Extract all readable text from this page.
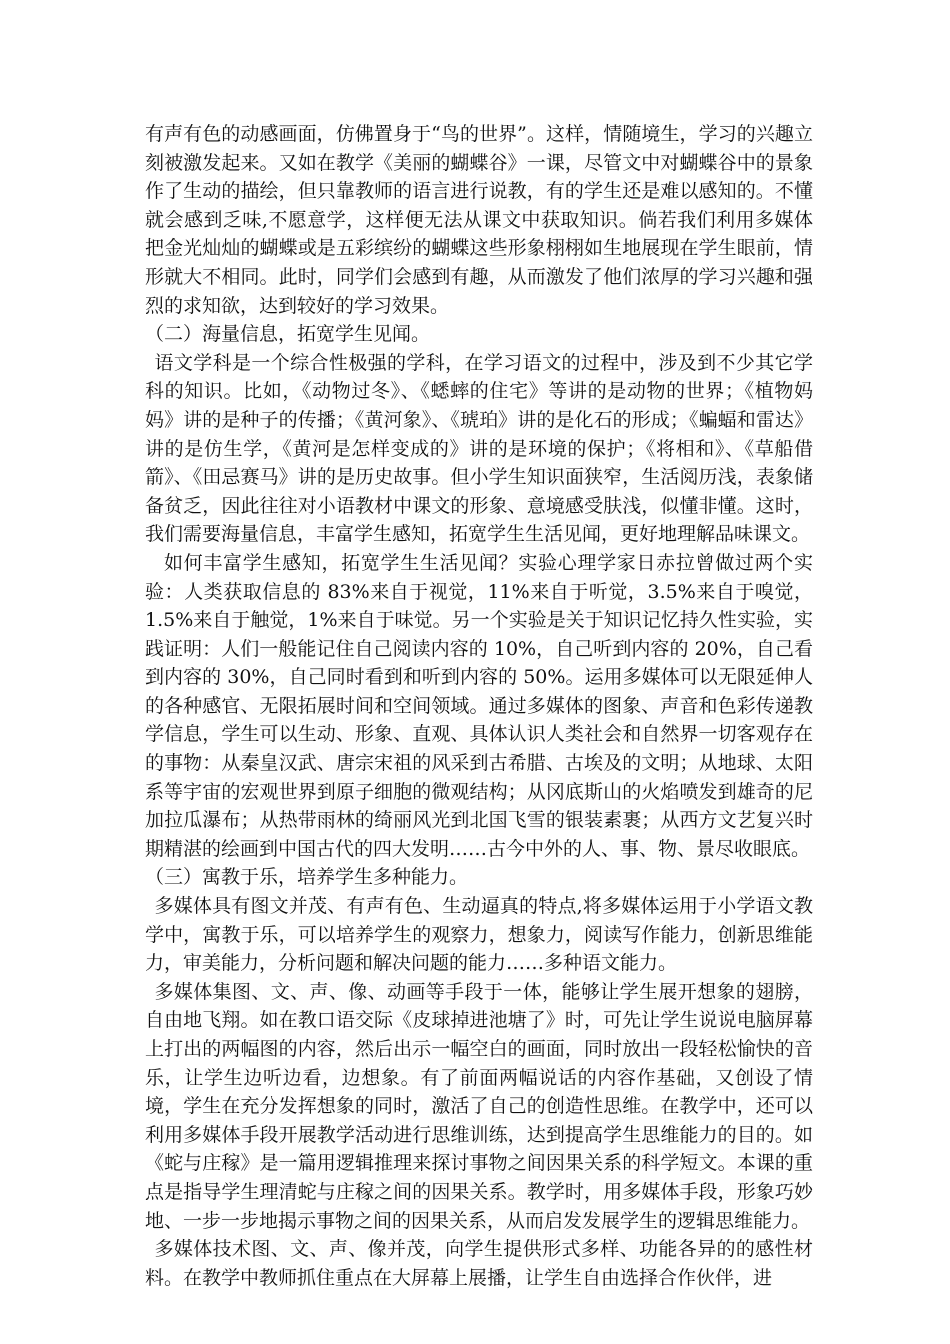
有声有色的动感画面，仿佛置身于“鸟的世界”。这样，情随境生，学习的兴趣立刻被激发起来。又如在教学《美丽的蝴蝶谷》一课，尽管文中对蝴蝶谷中的景象作了生动的描绘，但只靠教师的语言进行说教，有的学生还是难以感知的。不懂就会感到乏味,不愿意学，这样便无法从课文中获取知识。倘若我们利用多媒体把金光灿灿的蝴蝶或是五彩缤纷的蝴蝶这些形象栩栩如生地展现在学生眼前，情形就大不相同。此时，同学们会感到有趣，从而激发了他们浓厚的学习兴趣和强烈的求知欲，达到较好的学习效果。

（二）海量信息，拓宽学生见闻。

语文学科是一个综合性极强的学科，在学习语文的过程中，涉及到不少其它学科的知识。比如，《动物过冬》、《蟋蟀的住宅》等讲的是动物的世界；《植物妈妈》讲的是种子的传播；《黄河象》、《琥珀》讲的是化石的形成；《蝙蝠和雷达》讲的是仿生学，《黄河是怎样变成的》讲的是环境的保护；《将相和》、《草船借箭》、《田忌赛马》讲的是历史故事。但小学生知识面狭窄，生活阅历浅，表象储备贫乏，因此往往对小语教材中课文的形象、意境感受肤浅，似懂非懂。这时，我们需要海量信息，丰富学生感知，拓宽学生生活见闻，更好地理解品味课文。

如何丰富学生感知，拓宽学生生活见闻？实验心理学家日赤拉曾做过两个实验：人类获取信息的 83%来自于视觉，11%来自于听觉，3.5%来自于嗅觉，1.5%来自于触觉，1%来自于味觉。另一个实验是关于知识记忆持久性实验，实践证明：人们一般能记住自己阅读内容的 10%，自己听到内容的 20%，自己看到内容的 30%，自己同时看到和听到内容的 50%。运用多媒体可以无限延伸人的各种感官、无限拓展时间和空间领域。通过多媒体的图象、声音和色彩传递教学信息，学生可以生动、形象、直观、具体认识人类社会和自然界一切客观存在的事物：从秦皇汉武、唐宗宋祖的风采到古希腊、古埃及的文明；从地球、太阳系等宇宙的宏观世界到原子细胞的微观结构；从冈底斯山的火焰喷发到雄奇的尼加拉瓜瀑布；从热带雨林的绮丽风光到北国飞雪的银装素裹；从西方文艺复兴时期精湛的绘画到中国古代的四大发明……古今中外的人、事、物、景尽收眼底。

（三）寓教于乐，培养学生多种能力。

多媒体具有图文并茂、有声有色、生动逼真的特点,将多媒体运用于小学语文教学中，寓教于乐，可以培养学生的观察力，想象力，阅读写作能力，创新思维能力，审美能力，分析问题和解决问题的能力……多种语文能力。

多媒体集图、文、声、像、动画等手段于一体，能够让学生展开想象的翅膀，自由地飞翔。如在教口语交际《皮球掉进池塘了》时，可先让学生说说电脑屏幕上打出的两幅图的内容，然后出示一幅空白的画面，同时放出一段轻松愉快的音乐，让学生边听边看，边想象。有了前面两幅说话的内容作基础，又创设了情境，学生在充分发挥想象的同时，激活了自己的创造性思维。在教学中，还可以利用多媒体手段开展教学活动进行思维训练，达到提高学生思维能力的目的。如《蛇与庄稼》是一篇用逻辑推理来探讨事物之间因果关系的科学短文。本课的重点是指导学生理清蛇与庄稼之间的因果关系。教学时，用多媒体手段，形象巧妙地、一步一步地揭示事物之间的因果关系，从而启发发展学生的逻辑思维能力。

多媒体技术图、文、声、像并茂，向学生提供形式多样、功能各异的的感性材料。在教学中教师抓住重点在大屏幕上展播，让学生自由选择合作伙伴，进
